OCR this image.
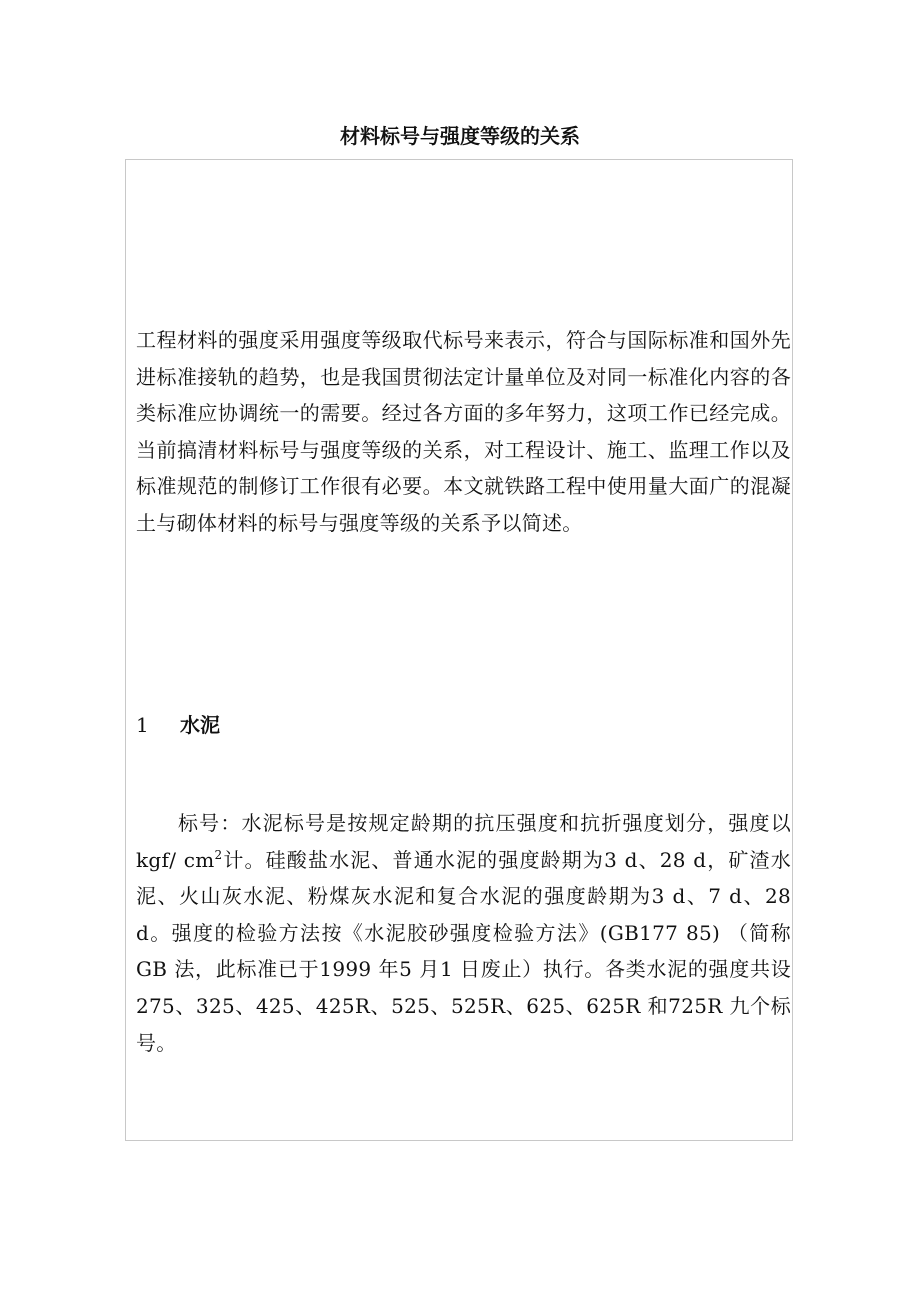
材料标号与强度等级的关系

工程材料的强度采用强度等级取代标号来表示，符合与国际标准和国外先进标准接轨的趋势，也是我国贯彻法定计量单位及对同一标准化内容的各类标准应协调统一的需要。经过各方面的多年努力，这项工作已经完成。当前搞清材料标号与强度等级的关系，对工程设计、施工、监理工作以及标准规范的制修订工作很有必要。本文就铁路工程中使用量大面广的混凝土与砌体材料的标号与强度等级的关系予以简述。

1 水泥

标号：水泥标号是按规定龄期的抗压强度和抗折强度划分，强度以 kgf/ $cm^2$计。硅酸盐水泥、普通水泥的强度龄期为3 d、28 d，矿渣水泥、火山灰水泥、粉煤灰水泥和复合水泥的强度龄期为3 d、7 d、28 d。强度的检验方法按《水泥胶砂强度检验方法》(GB177 85) （简称 GB 法，此标准已于1999 年5 月1 日废止）执行。各类水泥的强度共设275、325、425、425R、525、525R、625、625R 和725R 九个标号。
